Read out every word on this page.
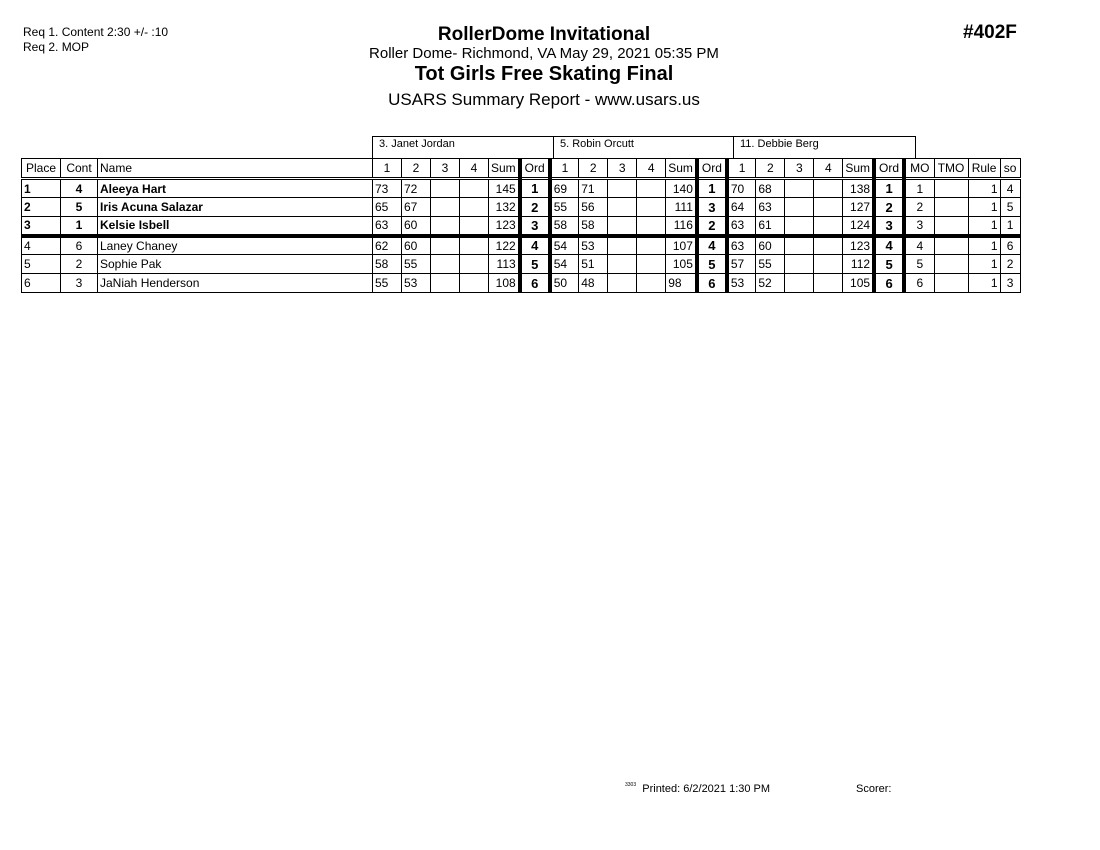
Req 1. Content 2:30 +/- :10
Req 2. MOP
#402F
RollerDome Invitational
Roller Dome- Richmond, VA May 29, 2021 05:35 PM
Tot Girls Free Skating Final
USARS Summary Report - www.usars.us
3. Janet Jordan	5. Robin Orcutt	11. Debbie Berg
Place	Cont	Name	1	2	3	4	Sum	Ord	1	2	3	4	Sum	Ord	1	2	3	4	Sum	Ord	MO	TMO	Rule	so
1	4	Aleeya Hart	73	72			145	1	69	71			140	1	70	68			138	1	1		1	4
2	5	Iris Acuna Salazar	65	67			132	2	55	56			111	3	64	63			127	2	2		1	5
3	1	Kelsie Isbell	63	60			123	3	58	58			116	2	63	61			124	3	3		1	1
4	6	Laney Chaney	62	60			122	4	54	53			107	4	63	60			123	4	4		1	6
5	2	Sophie Pak	58	55			113	5	54	51			105	5	57	55			112	5	5		1	2
6	3	JaNiah Henderson	55	53			108	6	50	48			98	6	53	52			105	6	6		1	3
$^{3303}$ Printed: 6/2/2021 1:30 PM	Scorer:
